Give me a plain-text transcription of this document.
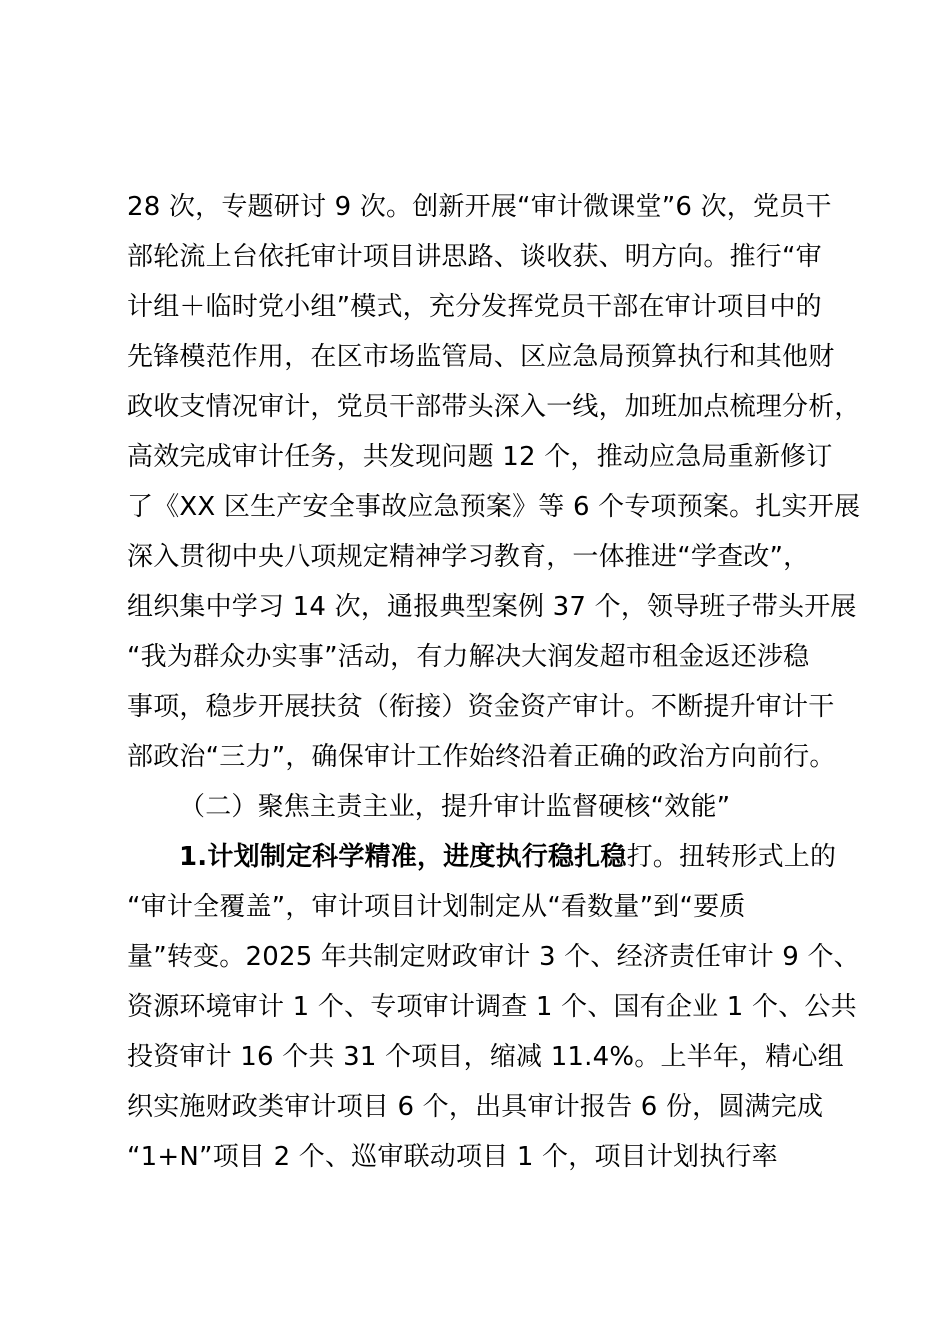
28 次，专题研讨 9 次。创新开展“审计微课堂”6 次，党员干
部轮流上台依托审计项目讲思路、谈收获、明方向。推行“审
计组＋临时党小组”模式，充分发挥党员干部在审计项目中的
先锋模范作用，在区市场监管局、区应急局预算执行和其他财
政收支情况审计，党员干部带头深入一线，加班加点梳理分析，
高效完成审计任务，共发现问题 12 个，推动应急局重新修订
了《XX 区生产安全事故应急预案》等 6 个专项预案。扎实开展
深入贯彻中央八项规定精神学习教育，一体推进“学查改”，
组织集中学习 14 次，通报典型案例 37 个，领导班子带头开展
“我为群众办实事”活动，有力解决大润发超市租金返还涉稳
事项，稳步开展扶贫（衔接）资金资产审计。不断提升审计干
部政治“三力”，确保审计工作始终沿着正确的政治方向前行。
（二）聚焦主责主业，提升审计监督硬核“效能”
1.计划制定科学精准，进度执行稳扎稳打。扭转形式上的
“审计全覆盖”，审计项目计划制定从“看数量”到“要质
量”转变。2025 年共制定财政审计 3 个、经济责任审计 9 个、
资源环境审计 1 个、专项审计调查 1 个、国有企业 1 个、公共
投资审计 16 个共 31 个项目，缩减 11.4%。上半年，精心组
织实施财政类审计项目 6 个，出具审计报告 6 份，圆满完成
“1+N”项目 2 个、巡审联动项目 1 个，项目计划执行率
